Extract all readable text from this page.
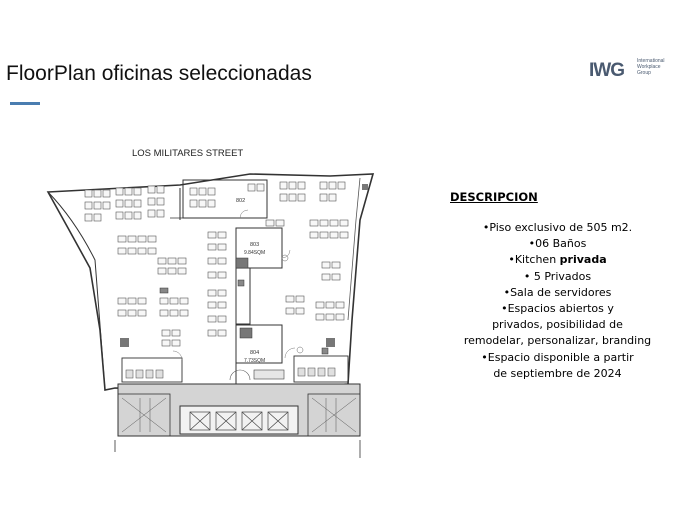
FloorPlan oficinas seleccionadas	IWG	International
Workplace
Group
LOS MILITARES STREET
802
803
9.84SQM
804
7.73SQM
DESCRIPCION
•Piso exclusivo de 505 m2.
•06 Baños
•Kitchen privada
• 5 Privados
•Sala de servidores
•Espacios abiertos y
privados, posibilidad de
remodelar, personalizar, branding
•Espacio disponible a partir
de septiembre de 2024
